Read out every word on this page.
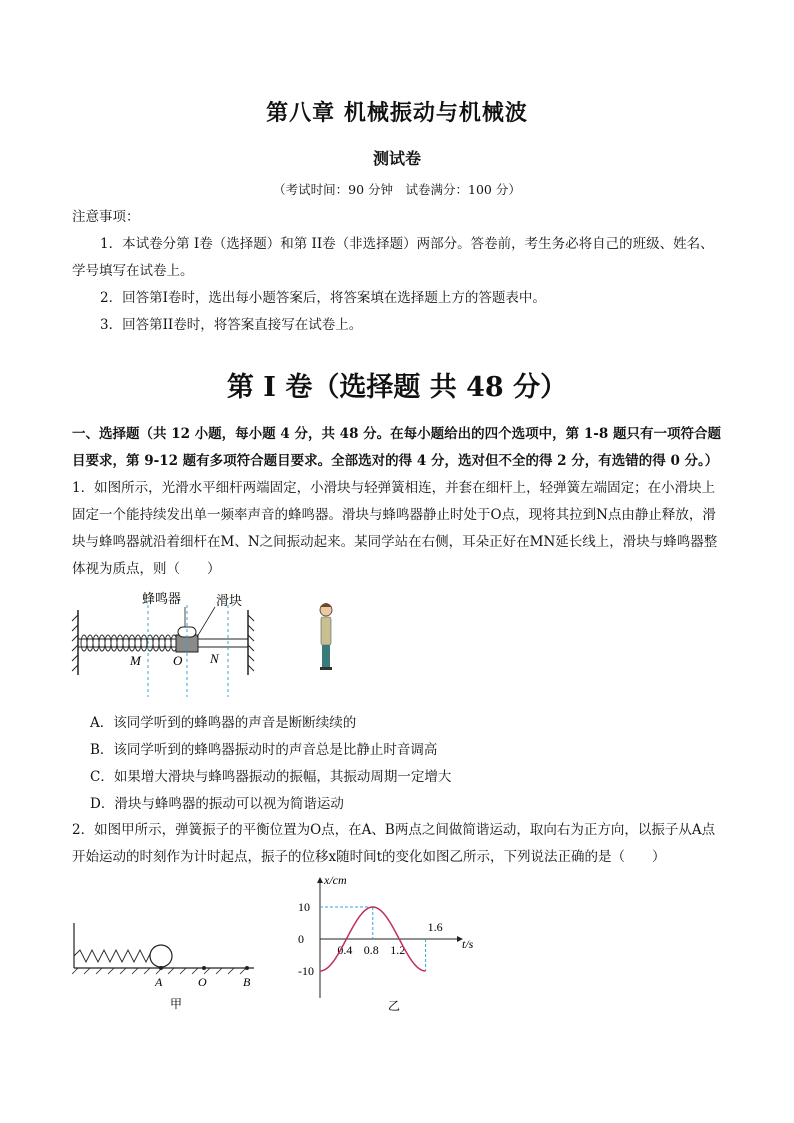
第八章 机械振动与机械波
测试卷
（考试时间：90 分钟　试卷满分：100 分）
注意事项：
1．本试卷分第 I卷（选择题）和第 II卷（非选择题）两部分。答卷前，考生务必将自己的班级、姓名、学号填写在试卷上。
2．回答第I卷时，选出每小题答案后，将答案填在选择题上方的答题表中。
3．回答第II卷时，将答案直接写在试卷上。
第 I 卷（选择题 共 48 分）
一、选择题（共 12 小题，每小题 4 分，共 48 分。在每小题给出的四个选项中，第 1-8 题只有一项符合题目要求，第 9-12 题有多项符合题目要求。全部选对的得 4 分，选对但不全的得 2 分，有选错的得 0 分。）
1．如图所示，光滑水平细杆两端固定，小滑块与轻弹簧相连，并套在细杆上，轻弹簧左端固定；在小滑块上固定一个能持续发出单一频率声音的蜂鸣器。滑块与蜂鸣器静止时处于O点，现将其拉到N点由静止释放，滑块与蜂鸣器就沿着细杆在M、N之间振动起来。某同学站在右侧，耳朵正好在MN延长线上，滑块与蜂鸣器整体视为质点，则（　　）
蜂鸣器	滑块
M O N
A．该同学听到的蜂鸣器的声音是断断续续的
B．该同学听到的蜂鸣器振动时的声音总是比静止时音调高
C．如果增大滑块与蜂鸣器振动的振幅，其振动周期一定增大
D．滑块与蜂鸣器的振动可以视为简谐运动
2．如图甲所示，弹簧振子的平衡位置为O点，在A、B两点之间做简谐运动，取向右为正方向，以振子从A点开始运动的时刻作为计时起点，振子的位移x随时间t的变化如图乙所示，下列说法正确的是（　　）
A	O	B
甲
x/cm
t/s
10
0
-10
0.4 0.8 1.2
1.6
乙
